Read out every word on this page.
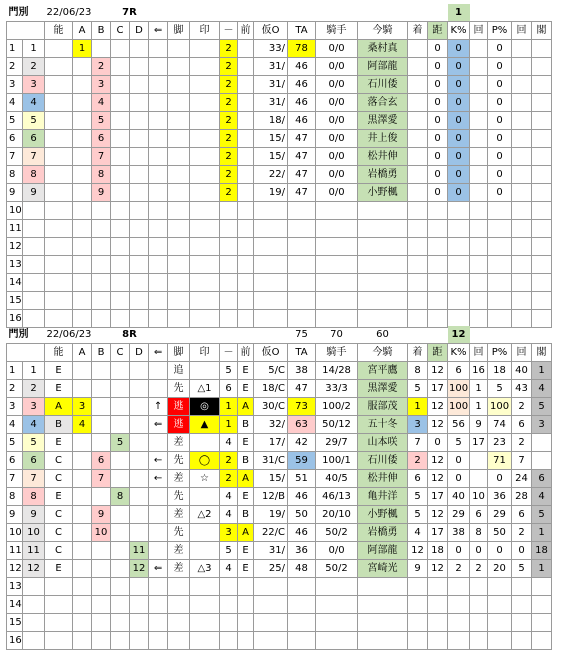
門別		22/06/23			7R													1						
		能	A	B	C	D	⇐	脚	印	－	前	仮O	TA	騎手	今騎	着	距	K%	回	P%	回	閣		
1	1		1							2		33/	78	0/0	桑村真		0	0		0				
2	2			2						2		31/	46	0/0	阿部龍		0	0		0				
3	3			3						2		31/	46	0/0	石川倭		0	0		0				
4	4			4						2		31/	46	0/0	落合玄		0	0		0				
5	5			5						2		18/	46	0/0	黒澤愛		0	0		0				
6	6			6						2		15/	47	0/0	井上俊		0	0		0				
7	7			7						2		15/	47	0/0	松井伸		0	0		0				
8	8			8						2		22/	47	0/0	岩橋勇		0	0		0				
9	9			9						2		19/	47	0/0	小野楓		0	0		0				
10																								
11																								
12																								
13																								
14																								
15																								
16																								
門別		22/06/23			8R								75	70	60			12						
		能	A	B	C	D	⇐	脚	印	－	前	仮O	TA	騎手	今騎	着	距	K%	回	P%	回	閣		
1	1	E						追		5	E	5/C	38	14/28	宮平鷹	8	12	6	16	18	40	1		
2	2	E						先	△1	6	E	18/C	47	33/3	黒澤愛	5	17	100	1	5	43	4		
3	3	A	3				↑	逃	◎	1	A	30/C	73	100/2	服部茂	1	12	100	1	100	2	5		
4	4	B	4				⇐	逃	▲	1	B	32/	63	50/12	五十冬	3	12	56	9	74	6	3		
5	5	E			5			差		4	E	17/	42	29/7	山本咲	7	0	5	17	23	2			
6	6	C		6			←	先	◯	2	B	31/C	59	100/1	石川倭	2	12	0		71	7			
7	7	C		7			←	差	☆	2	A	15/	51	40/5	松井伸	6	12	0		0	24	6		
8	8	E			8			先		4	E	12/B	46	46/13	亀井洋	5	17	40	10	36	28	4		
9	9	C		9				差	△2	4	B	19/	50	20/10	小野楓	5	12	29	6	29	6	5		
10	10	C		10				先		3	A	22/C	46	50/2	岩橋勇	4	17	38	8	50	2	1		
11	11	C				11		差		5	E	31/	36	0/0	阿部龍	12	18	0	0	0	0	18		
12	12	E				12	⇐	差	△3	4	E	25/	48	50/2	宮崎光	9	12	2	2	20	5	1		
13																								
14																								
15																								
16																								
